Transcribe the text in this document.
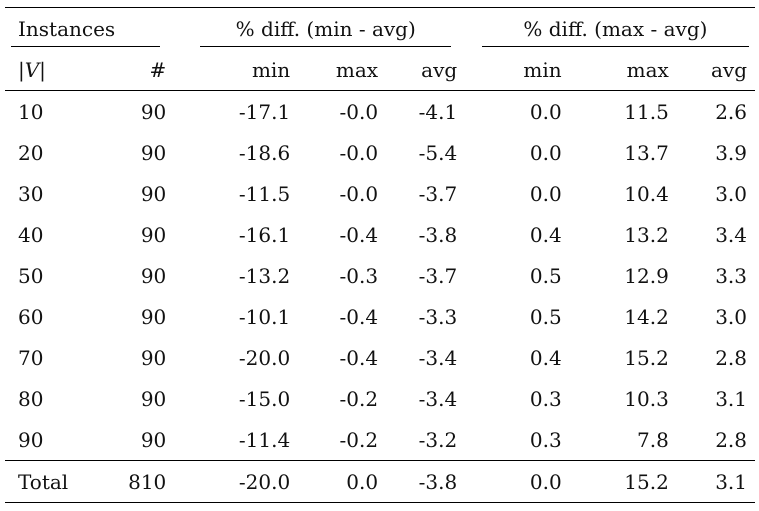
Instances			% diff. (min - avg)				% diff. (max - avg)		
|V|	#		min	max	avg		min	max	avg
10	90		-17.1	-0.0	-4.1		0.0	11.5	2.6
20	90		-18.6	-0.0	-5.4		0.0	13.7	3.9
30	90		-11.5	-0.0	-3.7		0.0	10.4	3.0
40	90		-16.1	-0.4	-3.8		0.4	13.2	3.4
50	90		-13.2	-0.3	-3.7		0.5	12.9	3.3
60	90		-10.1	-0.4	-3.3		0.5	14.2	3.0
70	90		-20.0	-0.4	-3.4		0.4	15.2	2.8
80	90		-15.0	-0.2	-3.4		0.3	10.3	3.1
90	90		-11.4	-0.2	-3.2		0.3	7.8	2.8
Total	810		-20.0	0.0	-3.8		0.0	15.2	3.1
